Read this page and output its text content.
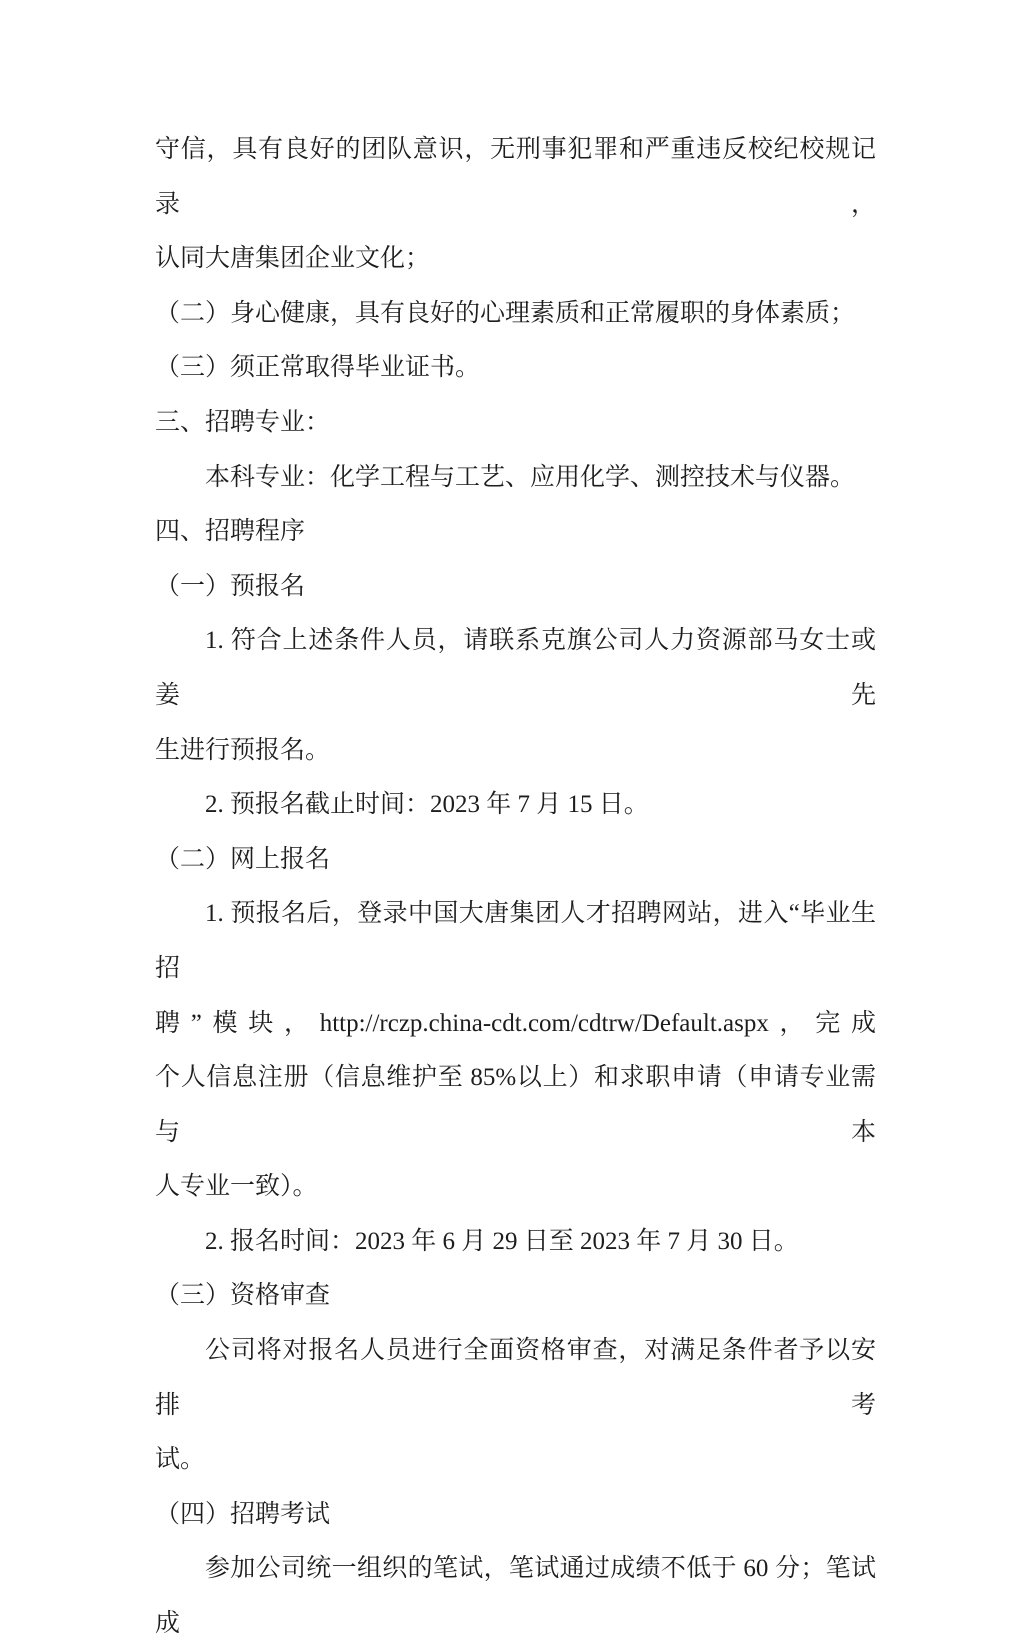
守信，具有良好的团队意识，无刑事犯罪和严重违反校纪校规记录，
认同大唐集团企业文化；
（二）身心健康，具有良好的心理素质和正常履职的身体素质；
（三）须正常取得毕业证书。
三、招聘专业：
本科专业：化学工程与工艺、应用化学、测控技术与仪器。
四、招聘程序
（一）预报名
1. 符合上述条件人员，请联系克旗公司人力资源部马女士或姜先
生进行预报名。
2. 预报名截止时间：2023 年 7 月 15 日。
（二）网上报名
1. 预报名后，登录中国大唐集团人才招聘网站，进入“毕业生招
聘”模块，http://rczp.china-cdt.com/cdtrw/Default.aspx，完成
个人信息注册（信息维护至 85%以上）和求职申请（申请专业需与本
人专业一致）。
2. 报名时间：2023 年 6 月 29 日至 2023 年 7 月 30 日。
（三）资格审查
公司将对报名人员进行全面资格审查，对满足条件者予以安排考
试。
（四）招聘考试
参加公司统一组织的笔试，笔试通过成绩不低于 60 分；笔试成
